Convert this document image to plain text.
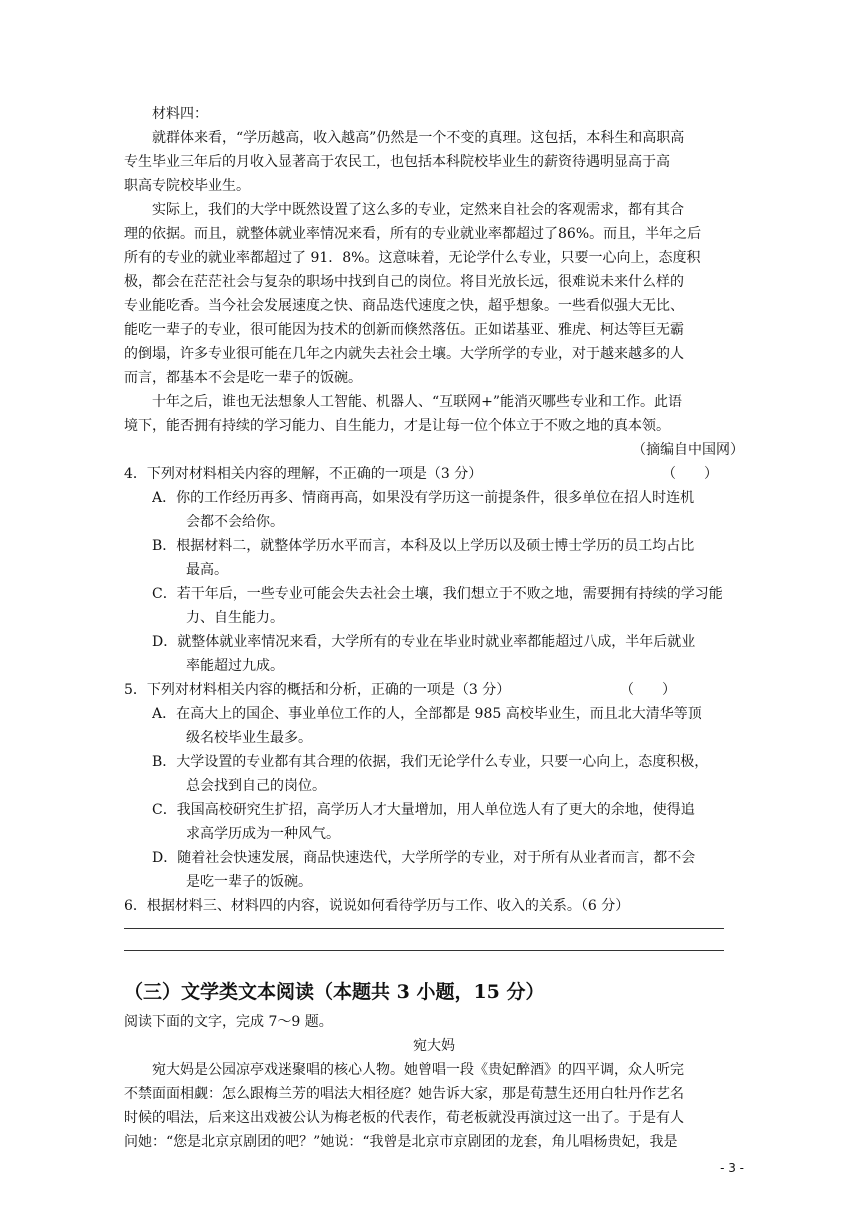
材料四：
就群体来看，“学历越高，收入越高”仍然是一个不变的真理。这包括，本科生和高职高
专生毕业三年后的月收入显著高于农民工，也包括本科院校毕业生的薪资待遇明显高于高
职高专院校毕业生。
实际上，我们的大学中既然设置了这么多的专业，定然来自社会的客观需求，都有其合
理的依据。而且，就整体就业率情况来看，所有的专业就业率都超过了86%。而且，半年之后
所有的专业的就业率都超过了 91．8%。这意味着，无论学什么专业，只要一心向上，态度积
极，都会在茫茫社会与复杂的职场中找到自己的岗位。将目光放长远，很难说未来什么样的
专业能吃香。当今社会发展速度之快、商品迭代速度之快，超乎想象。一些看似强大无比、
能吃一辈子的专业，很可能因为技术的创新而倏然落伍。正如诺基亚、雅虎、柯达等巨无霸
的倒塌，许多专业很可能在几年之内就失去社会土壤。大学所学的专业，对于越来越多的人
而言，都基本不会是吃一辈子的饭碗。
十年之后，谁也无法想象人工智能、机器人、“互联网+”能消灭哪些专业和工作。此语
境下，能否拥有持续的学习能力、自生能力，才是让每一位个体立于不败之地的真本领。
（摘编自中国网）
4．下列对材料相关内容的理解，不正确的一项是（3 分）	（　　）
A．你的工作经历再多、情商再高，如果没有学历这一前提条件，很多单位在招人时连机
会都不会给你。
B．根据材料二，就整体学历水平而言，本科及以上学历以及硕士博士学历的员工均占比
最高。
C．若干年后，一些专业可能会失去社会土壤，我们想立于不败之地，需要拥有持续的学习能
力、自生能力。
D．就整体就业率情况来看，大学所有的专业在毕业时就业率都能超过八成，半年后就业
率能超过九成。
5．下列对材料相关内容的概括和分析，正确的一项是（3 分）	（　　）
A．在高大上的国企、事业单位工作的人，全部都是 985 高校毕业生，而且北大清华等顶
级名校毕业生最多。
B．大学设置的专业都有其合理的依据，我们无论学什么专业，只要一心向上，态度积极，
总会找到自己的岗位。
C．我国高校研究生扩招，高学历人才大量增加，用人单位选人有了更大的余地，使得追
求高学历成为一种风气。
D．随着社会快速发展，商品快速迭代，大学所学的专业，对于所有从业者而言，都不会
是吃一辈子的饭碗。
6．根据材料三、材料四的内容，说说如何看待学历与工作、收入的关系。（6 分）
（三）文学类文本阅读（本题共 3 小题，15 分）
阅读下面的文字，完成 7～9 题。
宛大妈
宛大妈是公园凉亭戏迷聚唱的核心人物。她曾唱一段《贵妃醉酒》的四平调，众人听完
不禁面面相觑：怎么跟梅兰芳的唱法大相径庭？她告诉大家，那是荀慧生还用白牡丹作艺名
时候的唱法，后来这出戏被公认为梅老板的代表作，荀老板就没再演过这一出了。于是有人
问她：“您是北京京剧团的吧？”她说：“我曾是北京市京剧团的龙套，角儿唱杨贵妃，我是
- 3 -
